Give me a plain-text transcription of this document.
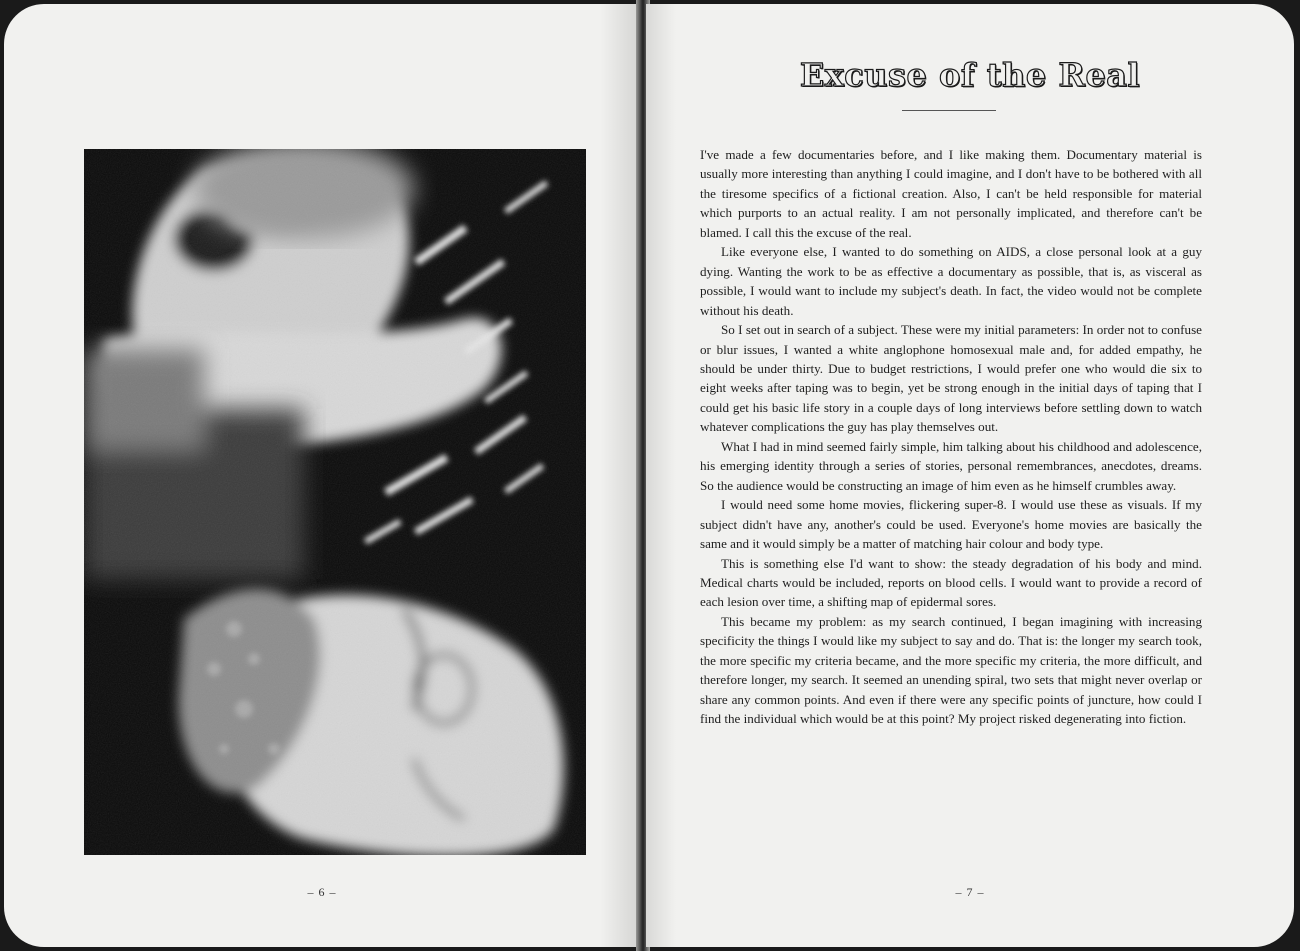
– 6 –
Excuse of the Real

I've made a few documentaries before, and I like making them. Documentary material is usually more interesting than anything I could imagine, and I don't have to be bothered with all the tiresome specifics of a fictional creation. Also, I can't be held responsible for material which purports to an actual reality. I am not personally implicated, and therefore can't be blamed. I call this the excuse of the real.

Like everyone else, I wanted to do something on AIDS, a close personal look at a guy dying. Wanting the work to be as effective a documentary as possible, that is, as visceral as possible, I would want to include my subject's death. In fact, the video would not be complete without his death.

So I set out in search of a subject. These were my initial parameters: In order not to confuse or blur issues, I wanted a white anglophone homosexual male and, for added empathy, he should be under thirty. Due to budget restrictions, I would prefer one who would die six to eight weeks after taping was to begin, yet be strong enough in the initial days of taping that I could get his basic life story in a couple days of long interviews before settling down to watch whatever complications the guy has play themselves out.

What I had in mind seemed fairly simple, him talking about his childhood and adolescence, his emerging identity through a series of stories, personal remembrances, anecdotes, dreams. So the audience would be constructing an image of him even as he himself crumbles away.

I would need some home movies, flickering super-8. I would use these as visuals. If my subject didn't have any, another's could be used. Everyone's home movies are basically the same and it would simply be a matter of matching hair colour and body type.

This is something else I'd want to show: the steady degradation of his body and mind. Medical charts would be included, reports on blood cells. I would want to provide a record of each lesion over time, a shifting map of epidermal sores.

This became my problem: as my search continued, I began imagining with increasing specificity the things I would like my subject to say and do. That is: the longer my search took, the more specific my criteria became, and the more specific my criteria, the more difficult, and therefore longer, my search. It seemed an unending spiral, two sets that might never overlap or share any common points. And even if there were any specific points of juncture, how could I find the individual which would be at this point? My project risked degenerating into fiction.

– 7 –
